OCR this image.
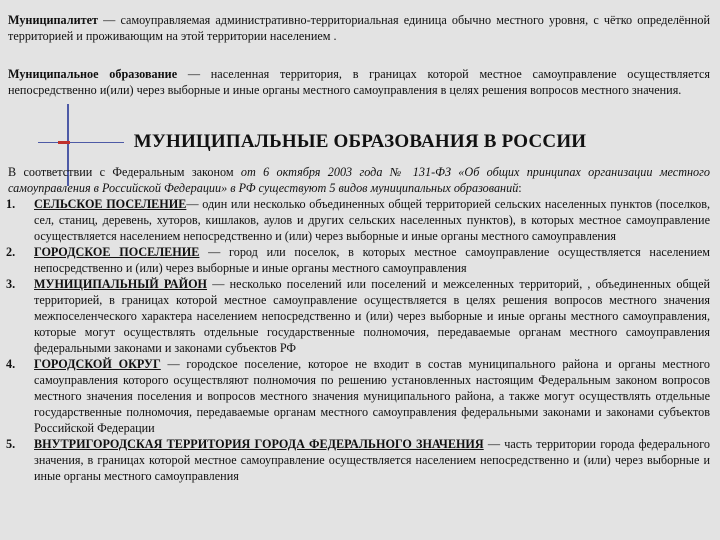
Муниципалитет — самоуправляемая административно-территориальная единица обычно местного уровня, с чётко определённой территорией и проживающим на этой территории населением .

Муниципальное образование — населенная территория, в границах которой местное самоуправление осуществляется непосредственно и(или) через выборные и иные органы местного самоуправления в целях решения вопросов местного значения.

МУНИЦИПАЛЬНЫЕ ОБРАЗОВАНИЯ В РОССИИ

В соответствии с Федеральным законом от 6 октября 2003 года № 131-ФЗ «Об общих принципах организации местного самоуправления в Российской Федерации» в РФ существуют 5 видов муниципальных образований:

1.	СЕЛЬСКОЕ ПОСЕЛЕНИЕ— один или несколько объединенных общей территорией сельских населенных пунктов (поселков, сел, станиц, деревень, хуторов, кишлаков, аулов и других сельских населенных пунктов), в которых местное самоуправление осуществляется населением непосредственно и (или) через выборные и иные органы местного самоуправления
2.	ГОРОДСКОЕ ПОСЕЛЕНИЕ — город или поселок, в которых местное самоуправление осуществляется населением непосредственно и (или) через выборные и иные органы местного самоуправления
3.	МУНИЦИПАЛЬНЫЙ РАЙОН — несколько поселений или поселений и межселенных территорий, , объединенных общей территорией, в границах которой местное самоуправление осуществляется в целях решения вопросов местного значения межпоселенческого характера населением непосредственно и (или) через выборные и иные органы местного самоуправления, которые могут осуществлять отдельные государственные полномочия, передаваемые органам местного самоуправления федеральными законами и законами субъектов РФ
4.	ГОРОДСКОЙ ОКРУГ — городское поселение, которое не входит в состав муниципального района и органы местного самоуправления которого осуществляют полномочия по решению установленных настоящим Федеральным законом вопросов местного значения поселения и вопросов местного значения муниципального района, а также могут осуществлять отдельные государственные полномочия, передаваемые органам местного самоуправления федеральными законами и законами субъектов Российской Федерации
5.	ВНУТРИГОРОДСКАЯ ТЕРРИТОРИЯ ГОРОДА ФЕДЕРАЛЬНОГО ЗНАЧЕНИЯ — часть территории города федерального значения, в границах которой местное самоуправление осуществляется населением непосредственно и (или) через выборные и иные органы местного самоуправления
